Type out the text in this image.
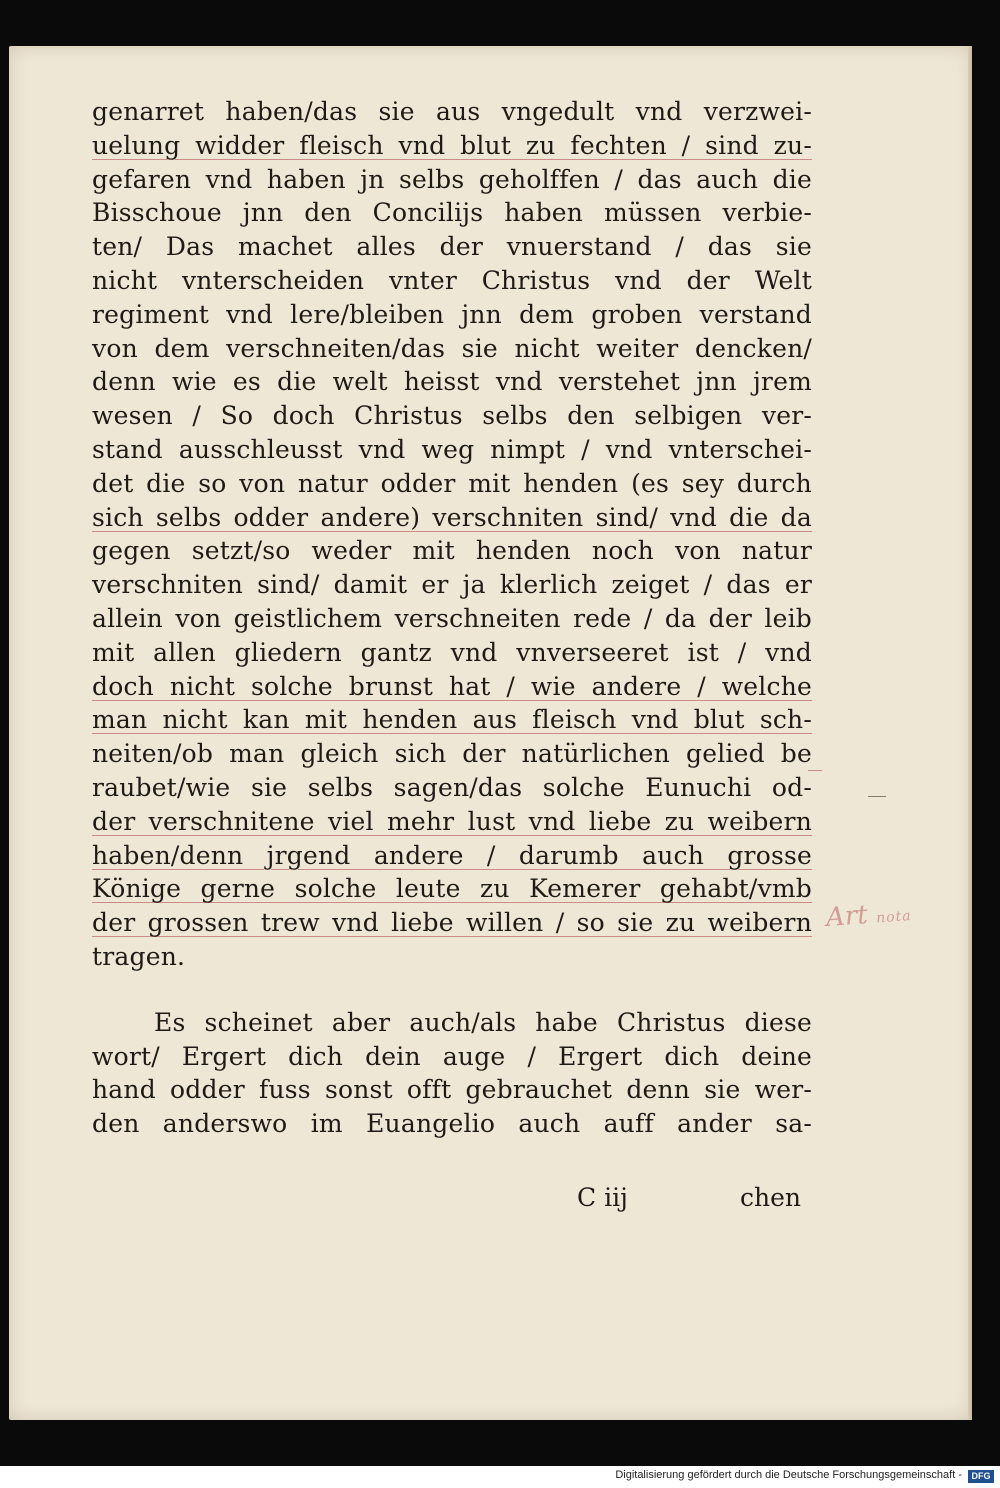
genarret haben/das sie aus vngedult vnd verzwei-
uelung widder fleisch vnd blut zu fechten / sind zu-
gefaren vnd haben jn selbs geholffen / das auch die
Bisschoue jnn den Concilijs haben müssen verbie-
ten/ Das machet alles der vnuerstand / das sie
nicht vnterscheiden vnter Christus vnd der Welt
regiment vnd lere/bleiben jnn dem groben verstand
von dem verschneiten/das sie nicht weiter dencken/
denn wie es die welt heisst vnd verstehet jnn jrem
wesen / So doch Christus selbs den selbigen ver-
stand ausschleusst vnd weg nimpt / vnd vnterschei-
det die so von natur odder mit henden (es sey durch
sich selbs odder andere) verschniten sind/ vnd die da
gegen setzt/so weder mit henden noch von natur
verschniten sind/ damit er ja klerlich zeiget / das er
allein von geistlichem verschneiten rede / da der leib
mit allen gliedern gantz vnd vnverseeret ist / vnd
doch nicht solche brunst hat / wie andere / welche
man nicht kan mit henden aus fleisch vnd blut sch-
neiten/ob man gleich sich der natürlichen gelied be
raubet/wie sie selbs sagen/das solche Eunuchi od-
der verschnitene viel mehr lust vnd liebe zu weibern
haben/denn jrgend andere / darumb auch grosse
Könige gerne solche leute zu Kemerer gehabt/vmb
der grossen trew vnd liebe willen / so sie zu weibern
tragen.
Es scheinet aber auch/als habe Christus diese
wort/ Ergert dich dein auge / Ergert dich deine
hand odder fuss sonst offt gebrauchet denn sie wer-
den anderswo im Euangelio auch auff ander sa-
C iij	chen
Art nota
Digitalisierung gefördert durch die Deutsche Forschungsgemeinschaft -	DFG
